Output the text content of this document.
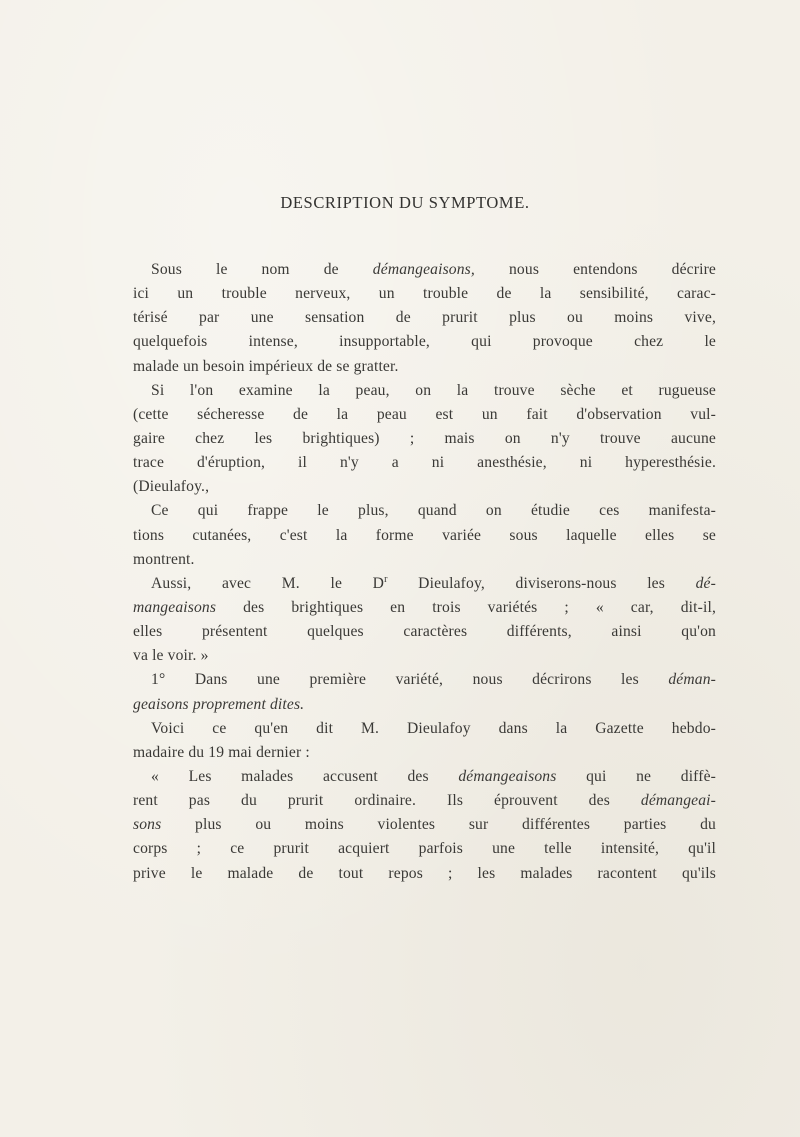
DESCRIPTION DU SYMPTOME.
Sous le nom de démangeaisons, nous entendons décrire
ici un trouble nerveux, un trouble de la sensibilité, carac-
térisé par une sensation de prurit plus ou moins vive,
quelquefois intense, insupportable, qui provoque chez le
malade un besoin impérieux de se gratter.
Si l'on examine la peau, on la trouve sèche et rugueuse
(cette sécheresse de la peau est un fait d'observation vul-
gaire chez les brightiques) ; mais on n'y trouve aucune
trace d'éruption, il n'y a ni anesthésie, ni hyperesthésie.
(Dieulafoy.,
Ce qui frappe le plus, quand on étudie ces manifesta-
tions cutanées, c'est la forme variée sous laquelle elles se
montrent.
Aussi, avec M. le $D^r$ Dieulafoy, diviserons-nous les dé-
mangeaisons des brightiques en trois variétés ; « car, dit-il,
elles présentent quelques caractères différents, ainsi qu'on
va le voir. »
1° Dans une première variété, nous décrirons les déman-
geaisons proprement dites.
Voici ce qu'en dit M. Dieulafoy dans la Gazette hebdo-
madaire du 19 mai dernier :
« Les malades accusent des démangeaisons qui ne diffè-
rent pas du prurit ordinaire. Ils éprouvent des démangeai-
sons plus ou moins violentes sur différentes parties du
corps ; ce prurit acquiert parfois une telle intensité, qu'il
prive le malade de tout repos ; les malades racontent qu'ils
